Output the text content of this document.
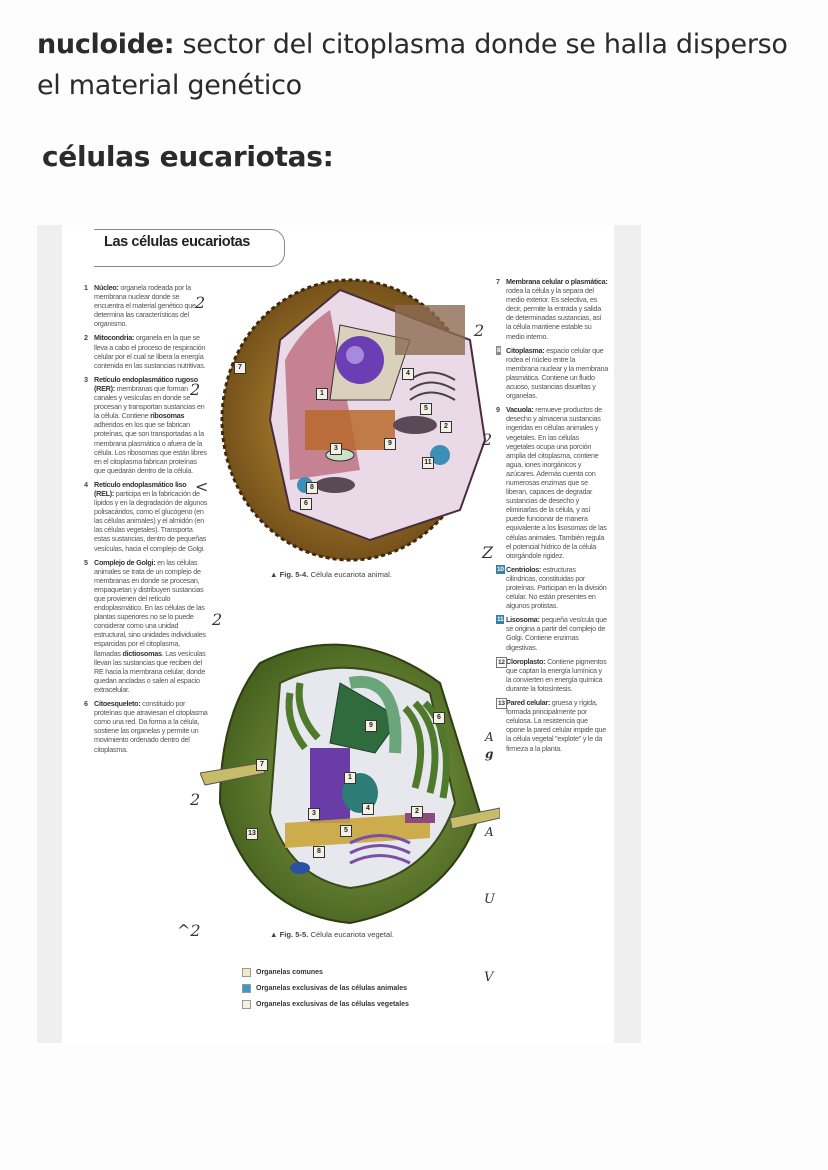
nucloide: sector del citoplasma donde se halla disperso el material genético
células eucariotas:
Las células eucariotas
1 Núcleo: organela rodeada por la membrana nuclear donde se encuentra el material genético que determina las características del organismo.
2 Mitocondria: organela en la que se lleva a cabo el proceso de respiración celular por el cual se libera la energía contenida en las sustancias nutritivas.
3 Retículo endoplasmático rugoso (RER): membranas que forman canales y vesículas en donde se procesan y transportan sustancias en la célula. Contiene ribosomas adheridos en los que se fabrican proteínas, que son transportadas a la membrana plasmática o afuera de la célula. Los ribosomas que están libres en el citoplasma fabrican proteínas que quedarán dentro de la célula.
4 Retículo endoplasmático liso (REL): participa en la fabricación de lípidos y en la degradación de algunos polisacáridos, como el glucógeno (en las células animales) y el almidón (en las células vegetales). Transporta estas sustancias, dentro de pequeñas vesículas, hacia el complejo de Golgi.
5 Complejo de Golgi: en las células animales se trata de un complejo de membranas en donde se procesan, empaquetan y distribuyen sustancias que provienen del retículo endoplasmático. En las células de las plantas superiores no se lo puede considerar como una unidad estructural, sino unidades individuales esparcidas por el citoplasma, llamadas dictiosomas. Las vesículas llevan las sustancias que reciben del RE hacia la membrana celular, donde quedan ancladas o salen al espacio extracelular.
6 Citoesqueleto: constituido por proteínas que atraviesan el citoplasma como una red. Da forma a la célula, sostiene las organelas y permite un movimiento ordenado dentro del citoplasma.
7 Membrana celular o plasmática: rodea la célula y la separa del medio exterior. Es selectiva, es decir, permite la entrada y salida de determinadas sustancias, así la célula mantiene estable su medio interno.
8 Citoplasma: espacio celular que rodea el núcleo entre la membrana nuclear y la membrana plasmática. Contiene un fluido acuoso, sustancias disueltas y organelas.
9 Vacuola: remueve productos de desecho y almacena sustancias ingeridas en células animales y vegetales. En las células vegetales ocupa una porción amplia del citoplasma, contiene agua, iones inorgánicos y azúcares. Además cuenta con numerosas enzimas que se liberan, capaces de degradar sustancias de desecho y eliminarlas de la célula, y así puede funcionar de manera equivalente a los lisosomas de las células animales. También regula el potencial hídrico de la célula otorgándole rigidez.
10 Centriolos: estructuras cilíndricas, constituidas por proteínas. Participan en la división celular. No están presentes en algunos protistas.
11 Lisosoma: pequeña vesícula que se origina a partir del complejo de Golgi. Contiene enzimas digestivas.
12 Cloroplasto: Contiene pigmentos que captan la energía lumínica y la convierten en energía química durante la fotosíntesis.
13 Pared celular: gruesa y rígida, formada principalmente por celulosa. La resistencia que opone la pared celular impide que la célula vegetal "explote" y le da firmeza a la planta.
7
1
3
4
5
2
9
11
8
6
▲ Fig. 5-4. Célula eucariota animal.
9
6
7
1
3
4	2
5
8
13
▲ Fig. 5-5. Célula eucariota vegetal.
Organelas comunes
Organelas exclusivas de las células animales
Organelas exclusivas de las células vegetales
2
2
<
2
2
^2
2
2
Z
A
g
A
U
V
